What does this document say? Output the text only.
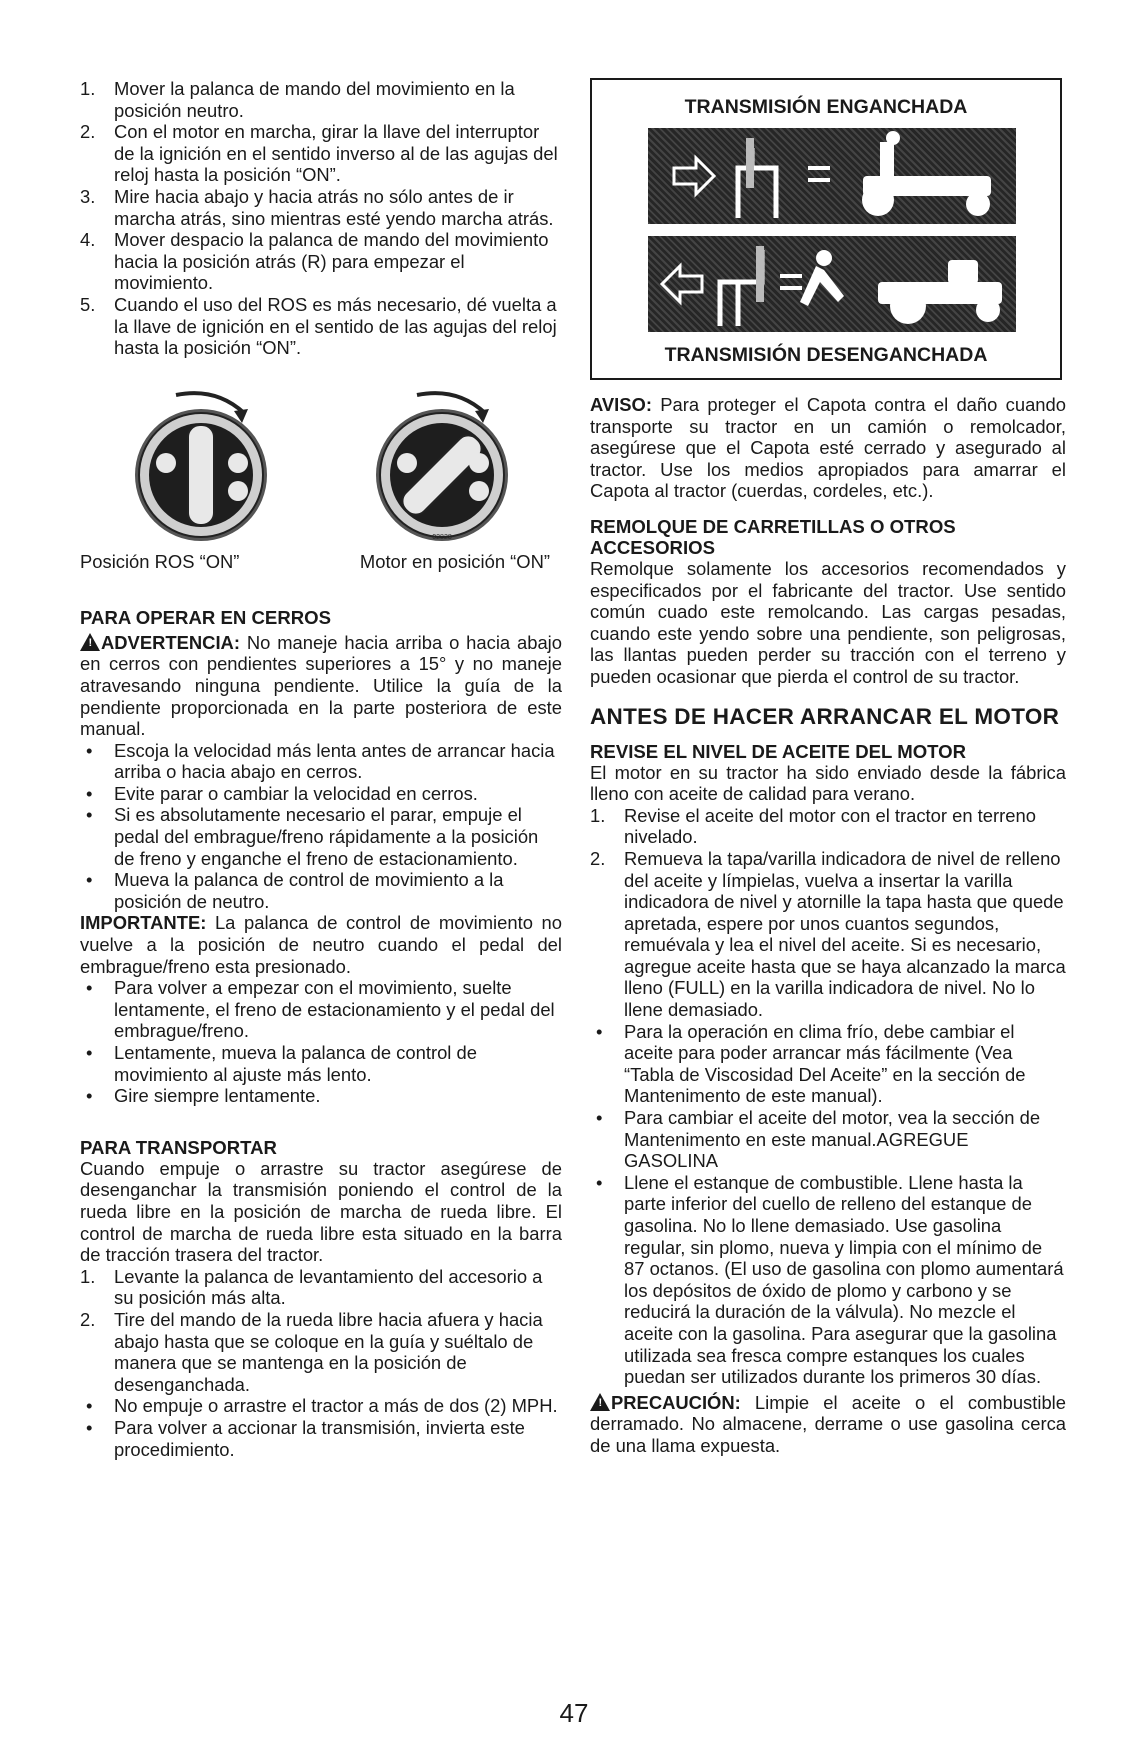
1.	Mover la palanca de mando del movimiento en la posición neutro.
2.	Con el motor en marcha, girar la llave del interruptor de la ignición en el sentido inverso al de las agujas del reloj hasta la posición “ON”.
3.	Mire hacia abajo y hacia atrás no sólo antes de ir marcha atrás, sino mientras esté yendo marcha atrás.
4.	Mover despacio la palanca de mando del movimiento hacia la posición atrás (R) para empezar el movimiento.
5.	Cuando el uso del ROS es más necesario, dé vuelta a la llave de ignición en el sentido de las agujas del reloj hasta la posición “ON”.
02828
Posición ROS “ON”	Motor en posición “ON”
PARA OPERAR EN CERROS

! ADVERTENCIA: No maneje hacia arriba o hacia abajo en cerros con pendientes superiores a 15° y no maneje atravesando ninguna pendiente. Utilice la guía de la pendiente proporcionada en la parte posteriora de este manual.

•	Escoja la velocidad más lenta antes de arrancar hacia arriba o hacia abajo en cerros.
•	Evite parar o cambiar la velocidad en cerros.
•	Si es absolutamente necesario el parar, empuje el pedal del embrague/freno rápidamente a la posición de freno y enganche el freno de estacionamiento.
•	Mueva la palanca de control de movimiento a la posición de neutro.

IMPORTANTE: La palanca de control de movimiento no vuelve a la posición de neutro cuando el pedal del embrague/freno esta presionado.

•	Para volver a empezar con el movimiento, suelte lentamente, el freno de estacionamiento y el pedal del embrague/freno.
•	Lentamente, mueva la palanca de control de movimiento al ajuste más lento.
•	Gire siempre lentamente.
PARA TRANSPORTAR

Cuando empuje o arrastre su tractor asegúrese de desenganchar la transmisión poniendo el control de la rueda libre en la posición de marcha de rueda libre. El control de marcha de rueda libre esta situado en la barra de tracción trasera del tractor.

1.	Levante la palanca de levantamiento del accesorio a su posición más alta.
2.	Tire del mando de la rueda libre hacia afuera y hacia abajo hasta que se coloque en la guía y suéltalo de manera que se mantenga en la posición de desenganchada.
•	No empuje o arrastre el tractor a más de dos (2) MPH.
•	Para volver a accionar la transmisión, invierta este procedimiento.
TRANSMISIÓN ENGANCHADA
TRANSMISIÓN DESENGANCHADA

AVISO: Para proteger el Capota contra el daño cuando transporte su tractor en un camión o remolcador, asegúrese que el Capota esté cerrado y asegurado al tractor. Use los medios apropiados para amarrar el Capota al tractor (cuerdas, cordeles, etc.).

REMOLQUE DE CARRETILLAS O OTROS ACCESORIOS

Remolque solamente los accesorios recomendados y especificados por el fabricante del tractor. Use sentido común cuado este remolcando. Las cargas pesadas, cuando este yendo sobre una pendiente, son peligrosas, las llantas pueden perder su tracción con el terreno y pueden ocasionar que pierda el control de su tractor.

ANTES DE HACER ARRANCAR EL MOTOR
REVISE EL NIVEL DE ACEITE DEL MOTOR

El motor en su tractor ha sido enviado desde la fábrica lleno con aceite de calidad para verano.

1.	Revise el aceite del motor con el tractor en terreno nivelado.
2.	Remueva la tapa/varilla indicadora de nivel de relleno del aceite y límpielas, vuelva a insertar la varilla indicadora de nivel y atornille la tapa hasta que quede apretada, espere por unos cuantos segundos, remuévala y lea el nivel del aceite. Si es necesario, agregue aceite hasta que se haya alcanzado la marca lleno (FULL) en la varilla indicadora de nivel. No lo llene demasiado.
•	Para la operación en clima frío, debe cambiar el aceite para poder arrancar más fácilmente (Vea “Tabla de Viscosidad Del Aceite” en la sección de Mantenimento de este manual).
•	Para cambiar el aceite del motor, vea la sección de Mantenimento en este manual.AGREGUE GASOLINA
•	Llene el estanque de combustible. Llene hasta la parte inferior del cuello de relleno del estanque de gasolina. No lo llene demasiado. Use gasolina regular, sin plomo, nueva y limpia con el mínimo de 87 octanos. (El uso de gasolina con plomo aumentará los depósitos de óxido de plomo y carbono y se reducirá la duración de la válvula). No mezcle el aceite con la gasolina. Para asegurar que la gasolina utilizada sea fresca compre estanques los cuales puedan ser utilizados durante los primeros 30 días.

! PRECAUCIÓN: Limpie el aceite o el combustible derramado. No almacene, derrame o use gasolina cerca de una llama expuesta.

47
